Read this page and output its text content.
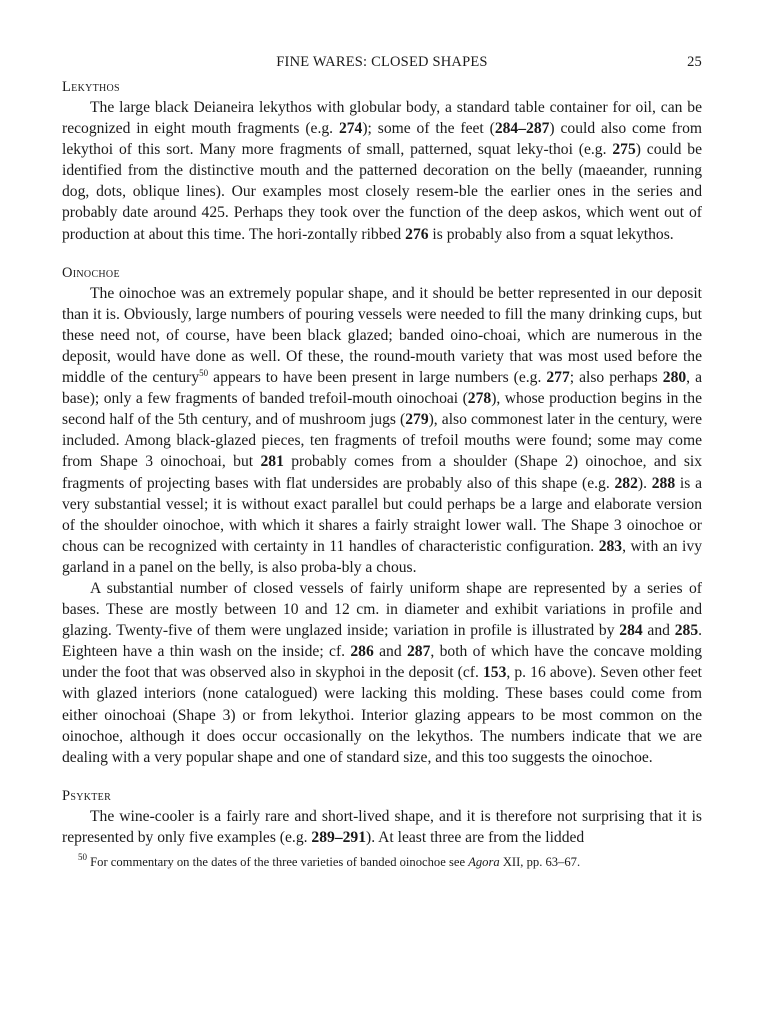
FINE WARES: CLOSED SHAPES	25
Lekythos

The large black Deianeira lekythos with globular body, a standard table container for oil, can be recognized in eight mouth fragments (e.g. 274); some of the feet (284–287) could also come from lekythoi of this sort. Many more fragments of small, patterned, squat leky-thoi (e.g. 275) could be identified from the distinctive mouth and the patterned decoration on the belly (maeander, running dog, dots, oblique lines). Our examples most closely resem-ble the earlier ones in the series and probably date around 425. Perhaps they took over the function of the deep askos, which went out of production at about this time. The hori-zontally ribbed 276 is probably also from a squat lekythos.

Oinochoe

The oinochoe was an extremely popular shape, and it should be better represented in our deposit than it is. Obviously, large numbers of pouring vessels were needed to fill the many drinking cups, but these need not, of course, have been black glazed; banded oino-choai, which are numerous in the deposit, would have done as well. Of these, the round-mouth variety that was most used before the middle of the century$^{50}$ appears to have been present in large numbers (e.g. 277; also perhaps 280, a base); only a few fragments of banded trefoil-mouth oinochoai (278), whose production begins in the second half of the 5th century, and of mushroom jugs (279), also commonest later in the century, were included. Among black-glazed pieces, ten fragments of trefoil mouths were found; some may come from Shape 3 oinochoai, but 281 probably comes from a shoulder (Shape 2) oinochoe, and six fragments of projecting bases with flat undersides are probably also of this shape (e.g. 282). 288 is a very substantial vessel; it is without exact parallel but could perhaps be a large and elaborate version of the shoulder oinochoe, with which it shares a fairly straight lower wall. The Shape 3 oinochoe or chous can be recognized with certainty in 11 handles of characteristic configuration. 283, with an ivy garland in a panel on the belly, is also proba-bly a chous.

A substantial number of closed vessels of fairly uniform shape are represented by a series of bases. These are mostly between 10 and 12 cm. in diameter and exhibit variations in profile and glazing. Twenty-five of them were unglazed inside; variation in profile is illustrated by 284 and 285. Eighteen have a thin wash on the inside; cf. 286 and 287, both of which have the concave molding under the foot that was observed also in skyphoi in the deposit (cf. 153, p. 16 above). Seven other feet with glazed interiors (none catalogued) were lacking this molding. These bases could come from either oinochoai (Shape 3) or from lekythoi. Interior glazing appears to be most common on the oinochoe, although it does occur occasionally on the lekythos. The numbers indicate that we are dealing with a very popular shape and one of standard size, and this too suggests the oinochoe.

Psykter

The wine-cooler is a fairly rare and short-lived shape, and it is therefore not surprising that it is represented by only five examples (e.g. 289–291). At least three are from the lidded

$^{50}$ For commentary on the dates of the three varieties of banded oinochoe see Agora XII, pp. 63–67.
